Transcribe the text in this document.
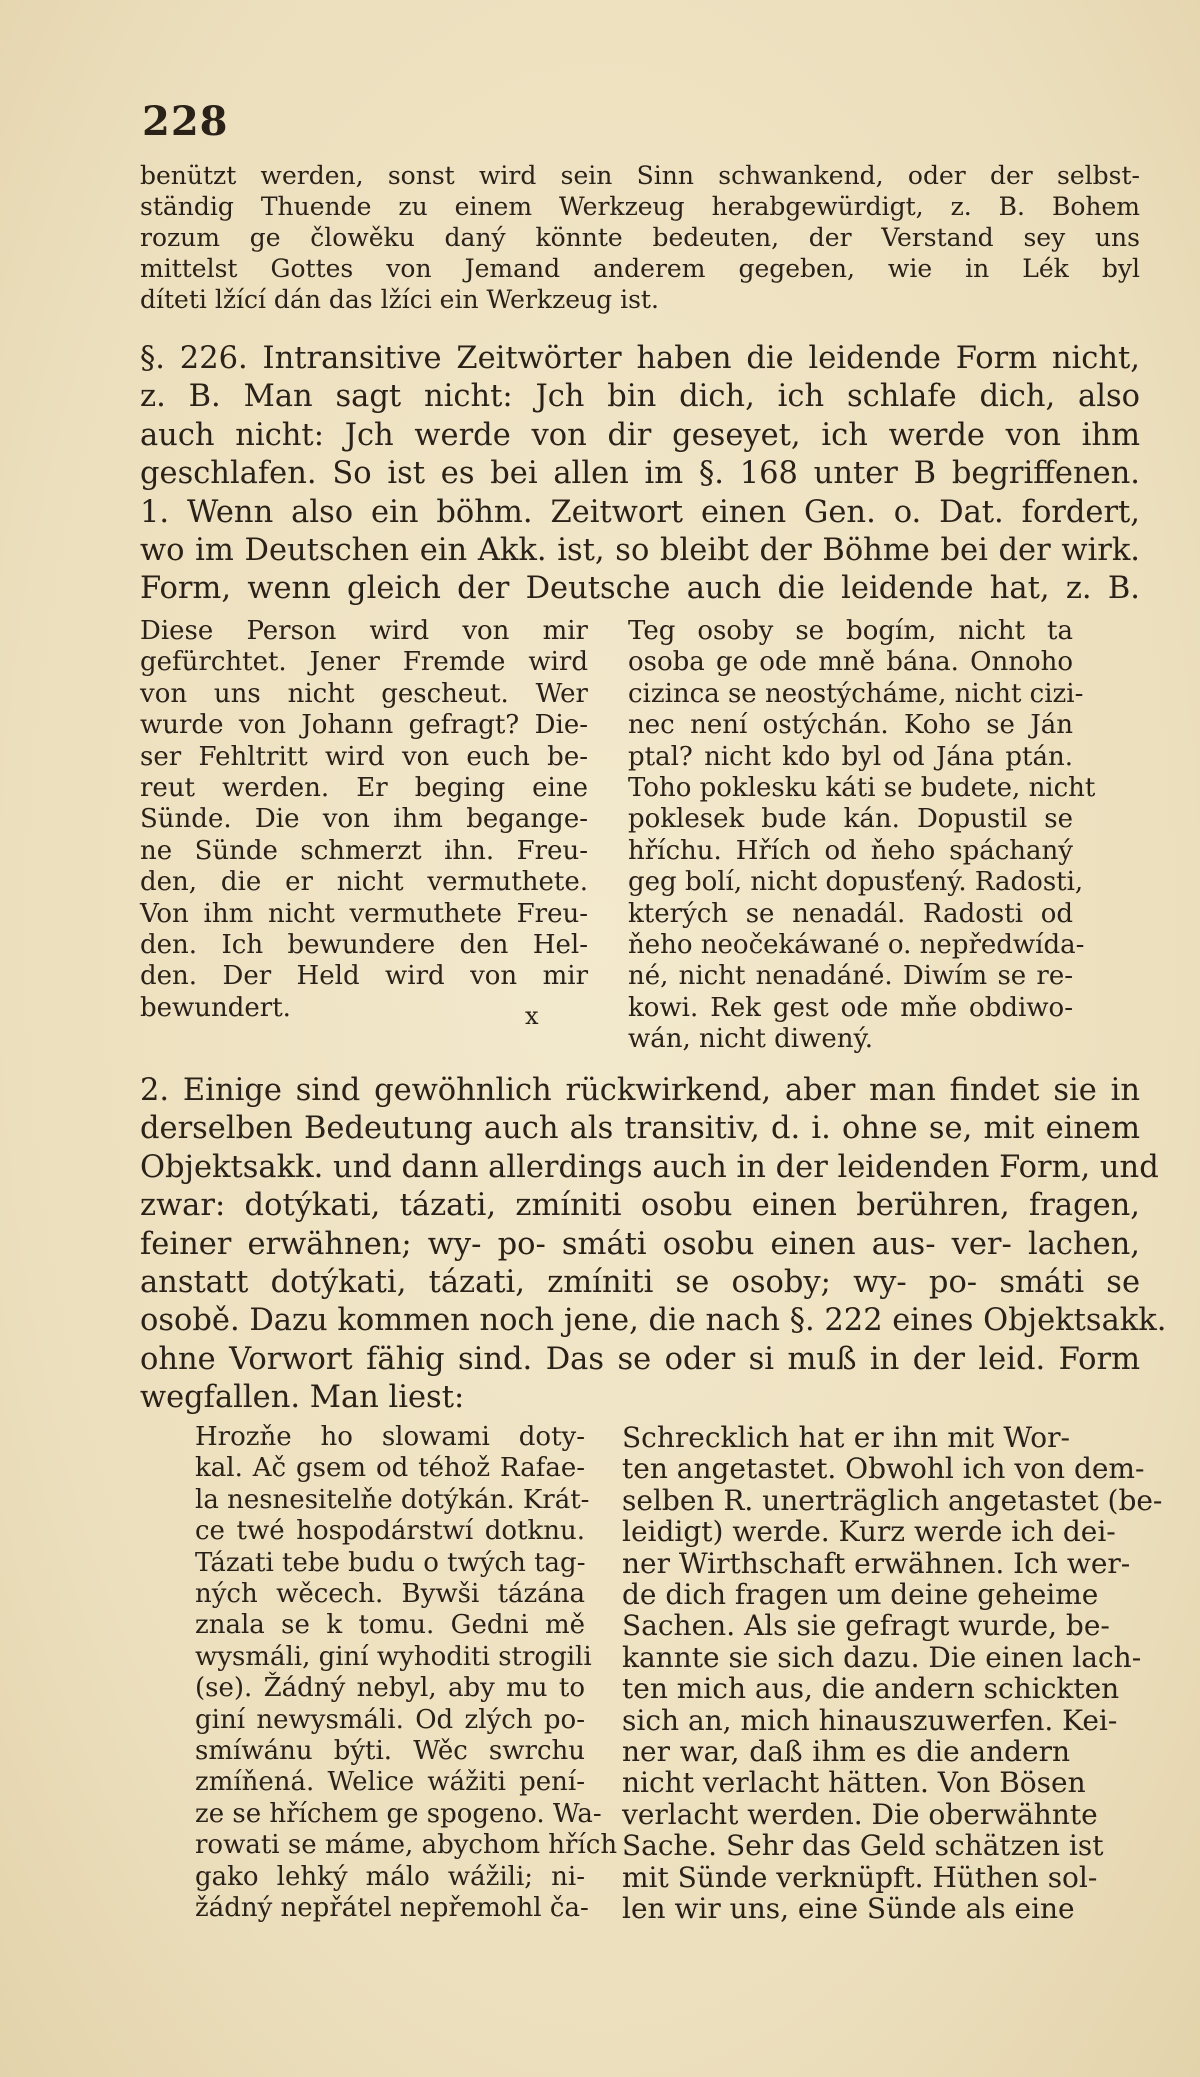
228
benützt werden, sonst wird sein Sinn schwankend, oder der selbst-
ständig Thuende zu einem Werkzeug herabgewürdigt, z. B. Bohem
rozum ge člowěku daný könnte bedeuten, der Verstand sey uns
mittelst Gottes von Jemand anderem gegeben, wie in Lék byl
díteti lžící dán das lžíci ein Werkzeug ist.
§. 226. Intransitive Zeitwörter haben die leidende Form nicht,
z. B. Man sagt nicht: Jch bin dich, ich schlafe dich, also
auch nicht: Jch werde von dir geseyet, ich werde von ihm
geschlafen. So ist es bei allen im §. 168 unter B begriffenen.
1. Wenn also ein böhm. Zeitwort einen Gen. o. Dat. fordert,
wo im Deutschen ein Akk. ist, so bleibt der Böhme bei der wirk.
Form, wenn gleich der Deutsche auch die leidende hat, z. B.
Diese Person wird von mir
gefürchtet. Jener Fremde wird
von uns nicht gescheut. Wer
wurde von Johann gefragt? Die-
ser Fehltritt wird von euch be-
reut werden. Er beging eine
Sünde. Die von ihm begange-
ne Sünde schmerzt ihn. Freu-
den, die er nicht vermuthete.
Von ihm nicht vermuthete Freu-
den. Ich bewundere den Hel-
den. Der Held wird von mir
bewundert.	x
Teg osoby se bogím, nicht ta
osoba ge ode mně bána. Onnoho
cizinca se neostýcháme, nicht cizi-
nec není ostýchán. Koho se Ján
ptal? nicht kdo byl od Jána ptán.
Toho poklesku káti se budete, nicht
poklesek bude kán. Dopustil se
hříchu. Hřích od ňeho spáchaný
geg bolí, nicht dopusťený. Radosti,
kterých se nenadál. Radosti od
ňeho neočekáwané o. nepředwída-
né, nicht nenadáné. Diwím se re-
kowi. Rek gest ode mňe obdiwo-
wán, nicht diwený.
2. Einige sind gewöhnlich rückwirkend, aber man findet sie in
derselben Bedeutung auch als transitiv, d. i. ohne se, mit einem
Objektsakk. und dann allerdings auch in der leidenden Form, und
zwar: dotýkati, tázati, zmíniti osobu einen berühren, fragen,
feiner erwähnen; wy- po- smáti osobu einen aus- ver- lachen,
anstatt dotýkati, tázati, zmíniti se osoby; wy- po- smáti se
osobě. Dazu kommen noch jene, die nach §. 222 eines Objektsakk.
ohne Vorwort fähig sind. Das se oder si muß in der leid. Form
wegfallen. Man liest:
Hrozňe ho slowami doty-
kal. Ač gsem od téhož Rafae-
la nesnesitelňe dotýkán. Krát-
ce twé hospodárstwí dotknu.
Tázati tebe budu o twých tag-
ných wěcech. Bywši tázána
znala se k tomu. Gedni mě
wysmáli, giní wyhoditi strogili
(se). Žádný nebyl, aby mu to
giní newysmáli. Od zlých po-
smíwánu býti. Wěc swrchu
zmíňená. Welice wážiti pení-
ze se hříchem ge spogeno. Wa-
rowati se máme, abychom hřích
gako lehký málo wážili; ni-
žádný nepřátel nepřemohl ča-
Schrecklich hat er ihn mit Wor-
ten angetastet. Obwohl ich von dem-
selben R. unerträglich angetastet (be-
leidigt) werde. Kurz werde ich dei-
ner Wirthschaft erwähnen. Ich wer-
de dich fragen um deine geheime
Sachen. Als sie gefragt wurde, be-
kannte sie sich dazu. Die einen lach-
ten mich aus, die andern schickten
sich an, mich hinauszuwerfen. Kei-
ner war, daß ihm es die andern
nicht verlacht hätten. Von Bösen
verlacht werden. Die oberwähnte
Sache. Sehr das Geld schätzen ist
mit Sünde verknüpft. Hüthen sol-
len wir uns, eine Sünde als eine
